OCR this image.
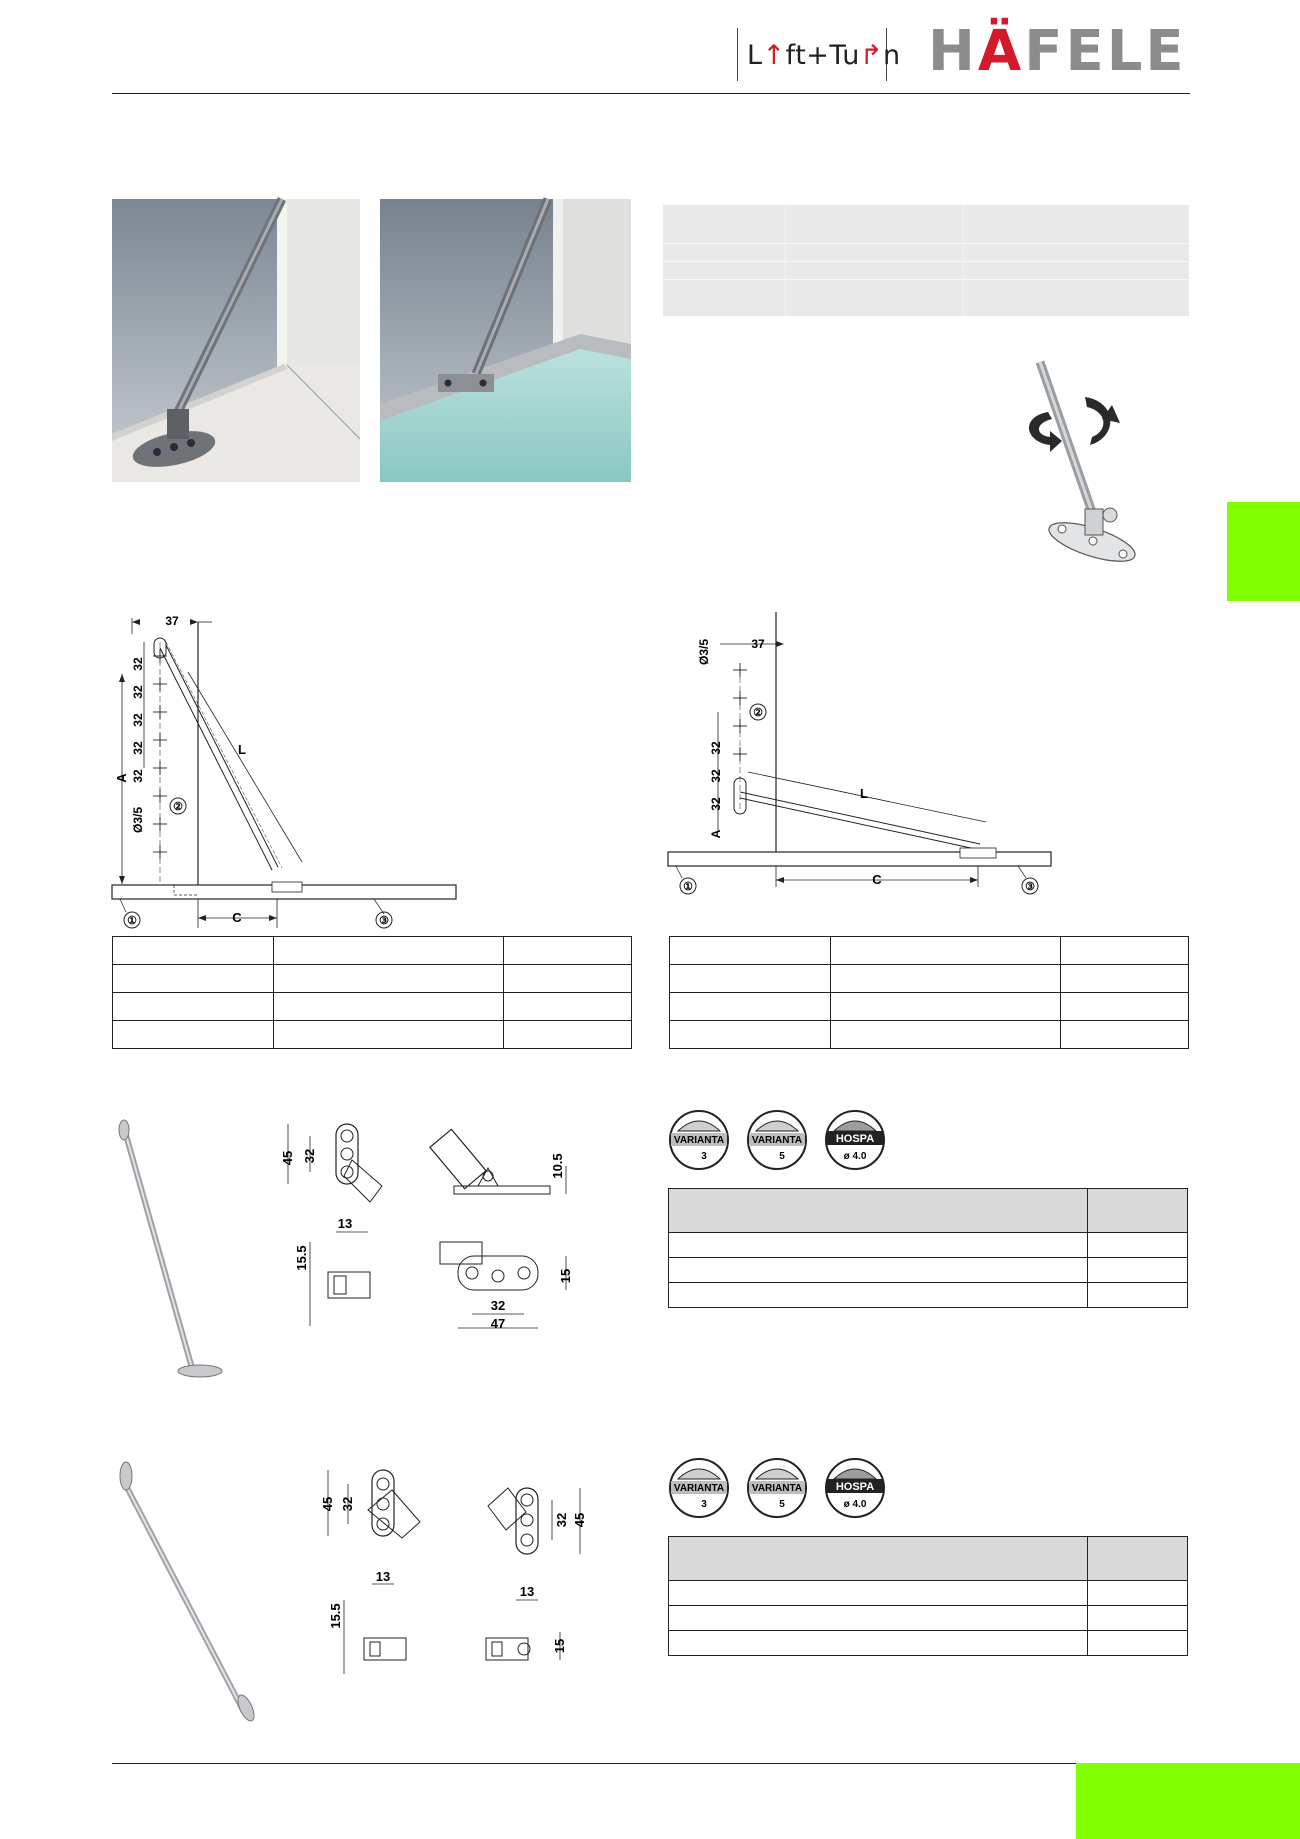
L↑ft+Tu↱n HÄFELE
37
32
32
32
32
32
A
Ø3/5	②
L
C
①	③
Ø3/5	37
②
32
32
32
A
L
C
①	③

45 32
13
15.5
10.5
32
47
15
VARIANTA
3
VARIANTA
5
HOSPA
ø 4.0

45 32
13
15.5
32 45
13
15
VARIANTA
3
VARIANTA
5
HOSPA
ø 4.0
